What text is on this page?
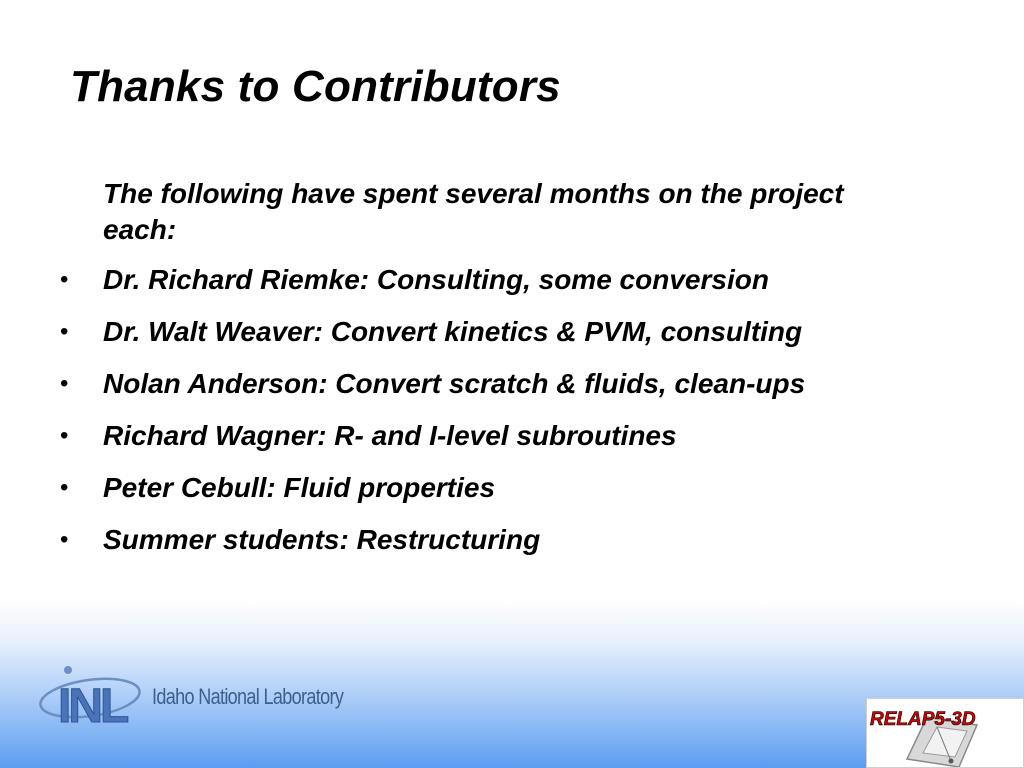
Thanks to Contributors
The following have spent several months on the project each:
• Dr. Richard Riemke: Consulting, some conversion
• Dr. Walt Weaver: Convert kinetics & PVM, consulting
• Nolan Anderson: Convert scratch & fluids, clean-ups
• Richard Wagner: R- and I-level subroutines
• Peter Cebull: Fluid properties
• Summer students: Restructuring
INL Idaho National Laboratory
RELAP5-3D
